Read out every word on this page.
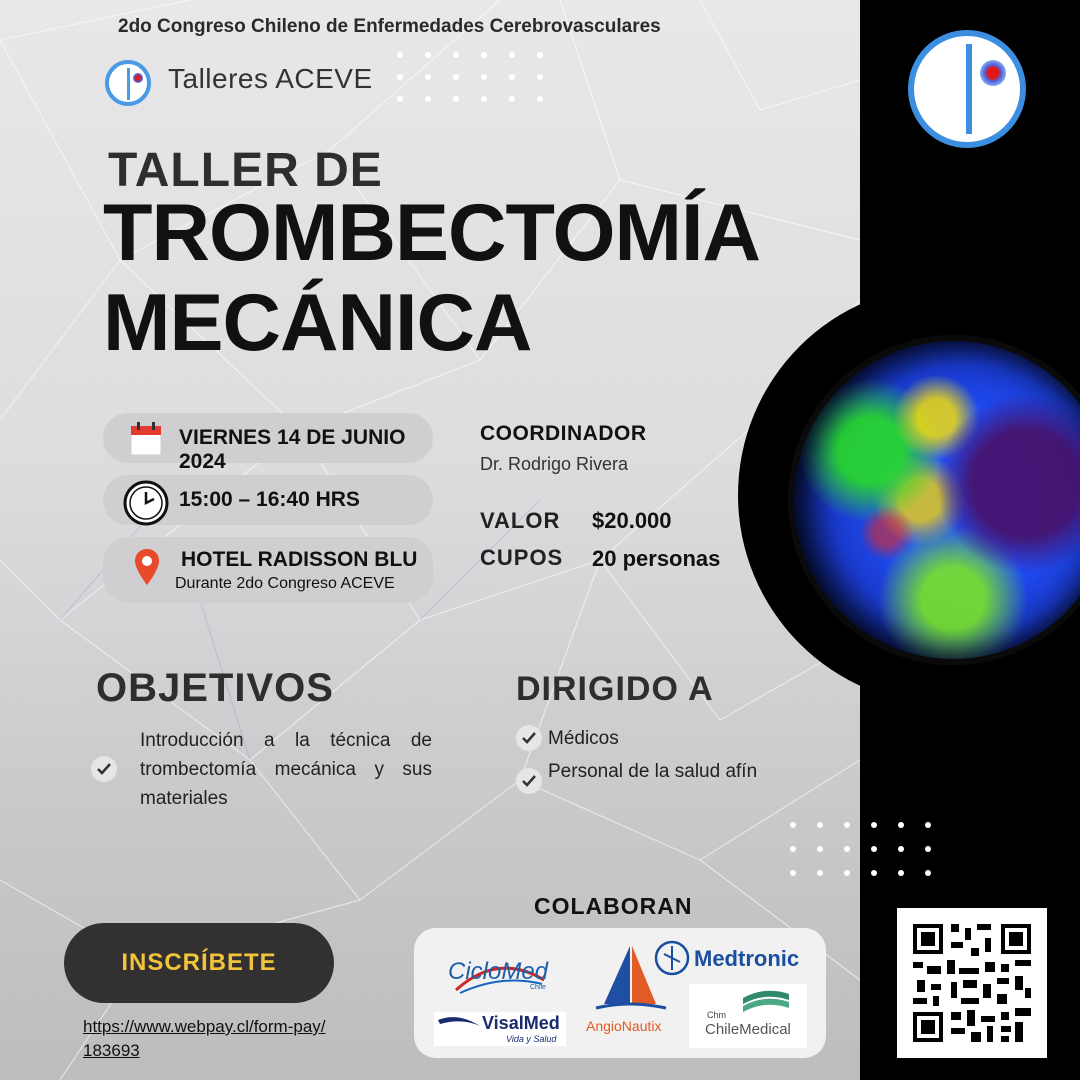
2do Congreso Chileno de Enfermedades Cerebrovasculares
Talleres ACEVE
TALLER DE
TROMBECTOMÍA
MECÁNICA
VIERNES 14 DE JUNIO 2024
15:00 – 16:40 HRS
HOTEL RADISSON BLU
Durante 2do Congreso ACEVE
COORDINADOR
Dr. Rodrigo Rivera
VALOR $20.000
CUPOS 20 personas
OBJETIVOS
Introducción a la técnica de trombectomía mecánica y sus materiales
DIRIGIDO A
Médicos
Personal de la salud afín
COLABORAN
CicloMed
Chile
AngioNautix
Medtronic
VisalMed
Vida y Salud
Chm
ChileMedical
INSCRÍBETE
https://www.webpay.cl/form-pay/183693
